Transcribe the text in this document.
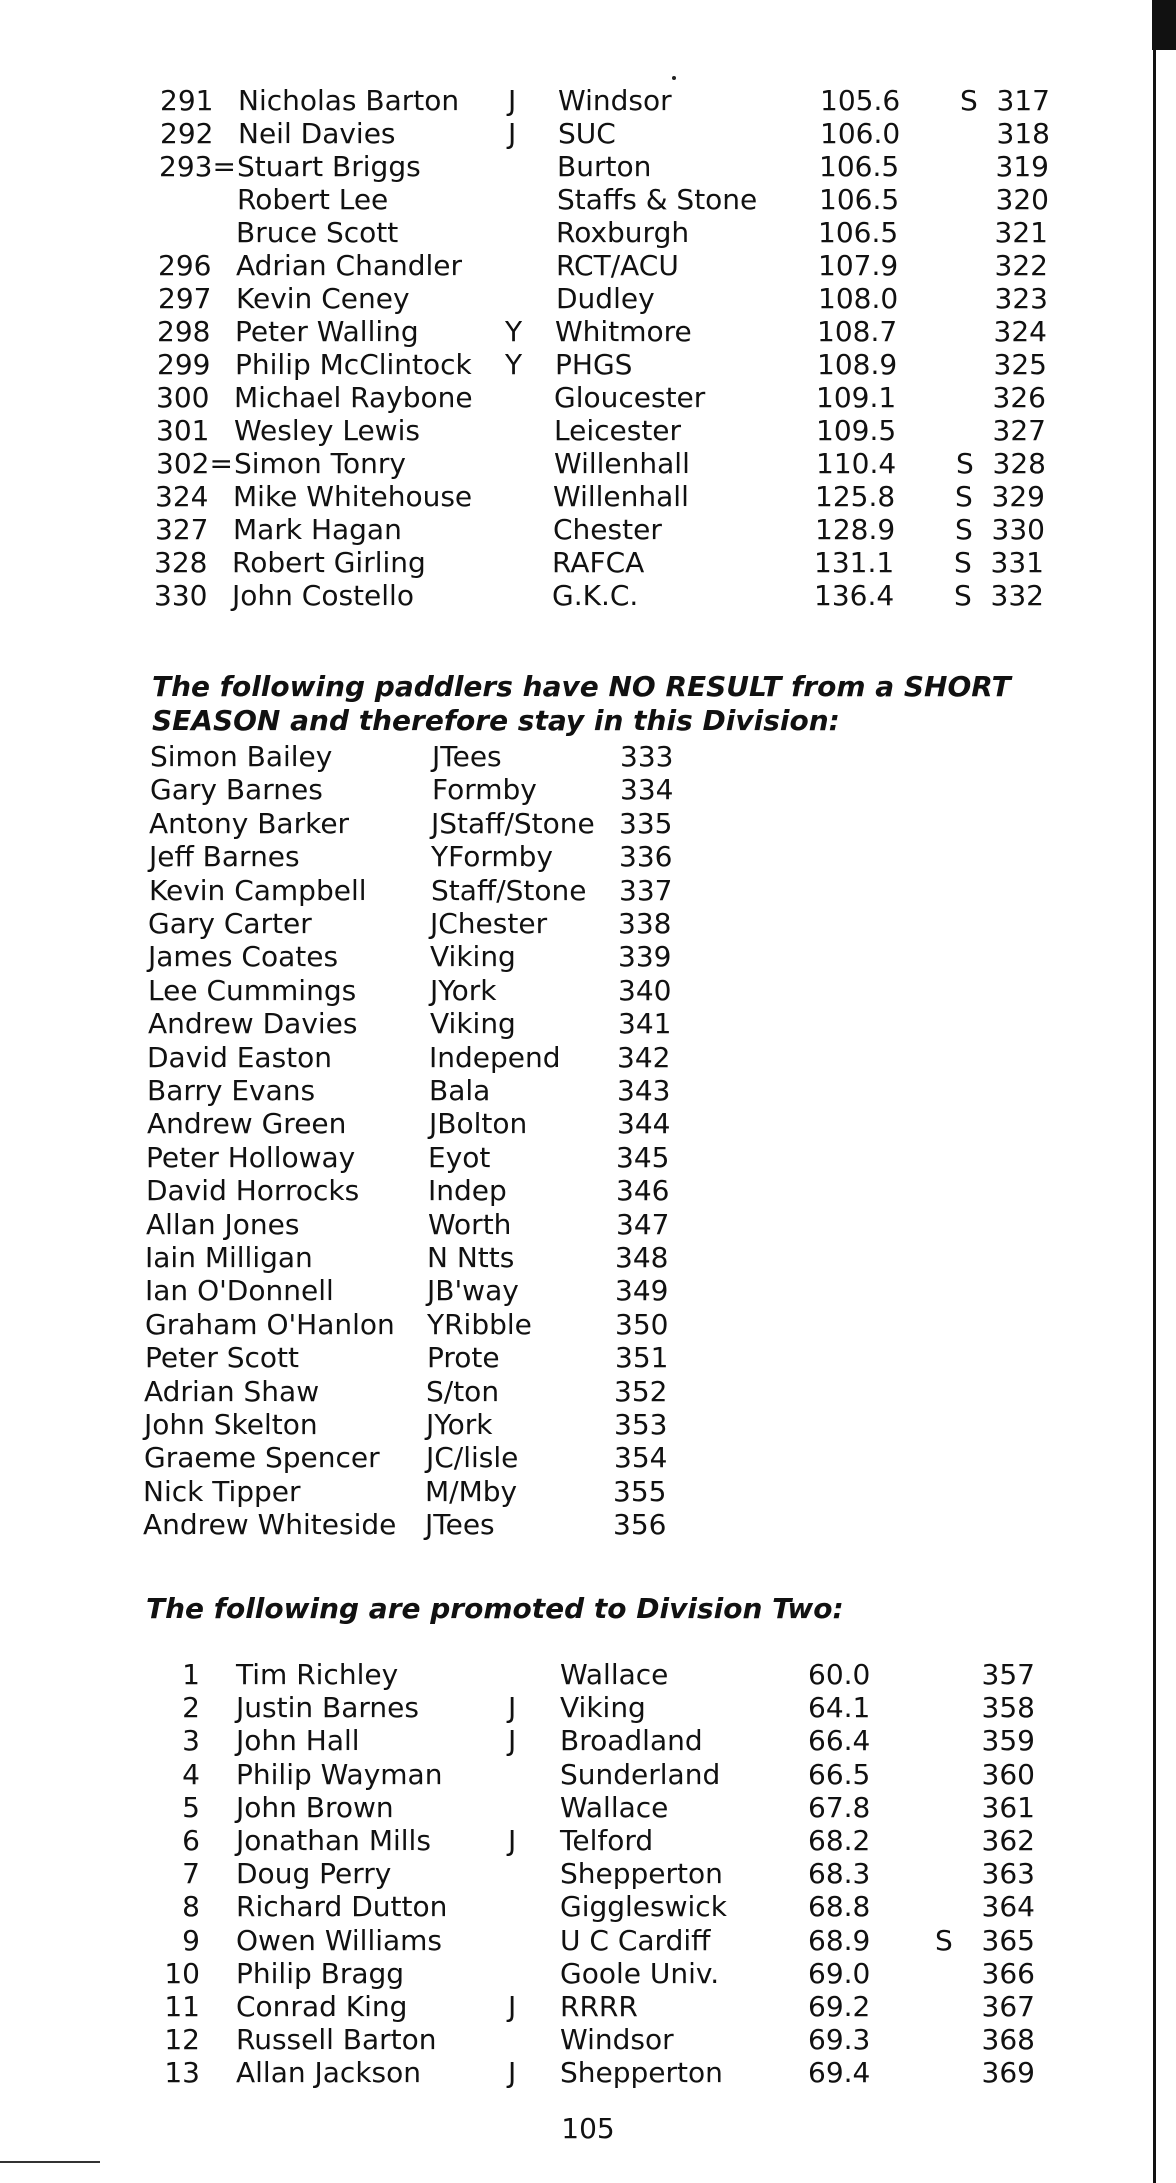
291 Nicholas Barton J Windsor	105.6 S 317
292 Neil Davies	J SUC	106.0	318
293= Stuart Briggs	Burton	106.5	319
Robert Lee	Staffs & Stone 106.5	320
Bruce Scott	Roxburgh	106.5	321
296 Adrian Chandler	RCT/ACU	107.9	322
297 Kevin Ceney	Dudley	108.0	323
298 Peter Walling	Y Whitmore	108.7	324
299 Philip McClintock Y PHGS	108.9	325
300 Michael Raybone	Gloucester	109.1	326
301 Wesley Lewis	Leicester	109.5	327
302= Simon Tonry	Willenhall	110.4 S 328
324 Mike Whitehouse	Willenhall	125.8 S 329
327 Mark Hagan	Chester	128.9 S 330
328 Robert Girling	RAFCA	131.1 S 331
330 John Costello	G.K.C.	136.4 S 332
The following paddlers have NO RESULT from a SHORT
SEASON and therefore stay in this Division:
Simon Bailey	JTees	333
Gary Barnes	Formby	334
Antony Barker	JStaff/Stone 335
Jeff Barnes	YFormby 336
Kevin Campbell Staff/Stone 337
Gary Carter	JChester	338
James Coates	Viking	339
Lee Cummings	JYork	340
Andrew Davies	Viking	341
David Easton	Independ 342
Barry Evans	Bala	343
Andrew Green	JBolton	344
Peter Holloway	Eyot	345
David Horrocks Indep	346
Allan Jones	Worth	347
Iain Milligan	N Ntts	348
Ian O'Donnell	JB'way	349
Graham O'Hanlon YRibble	350
Peter Scott	Prote	351
Adrian Shaw	S/ton	352
John Skelton	JYork	353
Graeme Spencer JC/lisle	354
Nick Tipper	M/Mby	355
Andrew Whiteside JTees	356
The following are promoted to Division Two:
1 Tim Richley	Wallace	60.0	357
2 Justin Barnes	J Viking	64.1	358
3 John Hall	J Broadland	66.4	359
4 Philip Wayman	Sunderland	66.5	360
5 John Brown	Wallace	67.8	361
6 Jonathan Mills	J Telford	68.2	362
7 Doug Perry	Shepperton	68.3	363
8 Richard Dutton	Giggleswick	68.8	364
9 Owen Williams	U C Cardiff	68.9 S 365
10 Philip Bragg	Goole Univ.	69.0	366
11 Conrad King	J RRRR	69.2	367
12 Russell Barton	Windsor	69.3	368
13 Allan Jackson	J Shepperton	69.4	369
105
